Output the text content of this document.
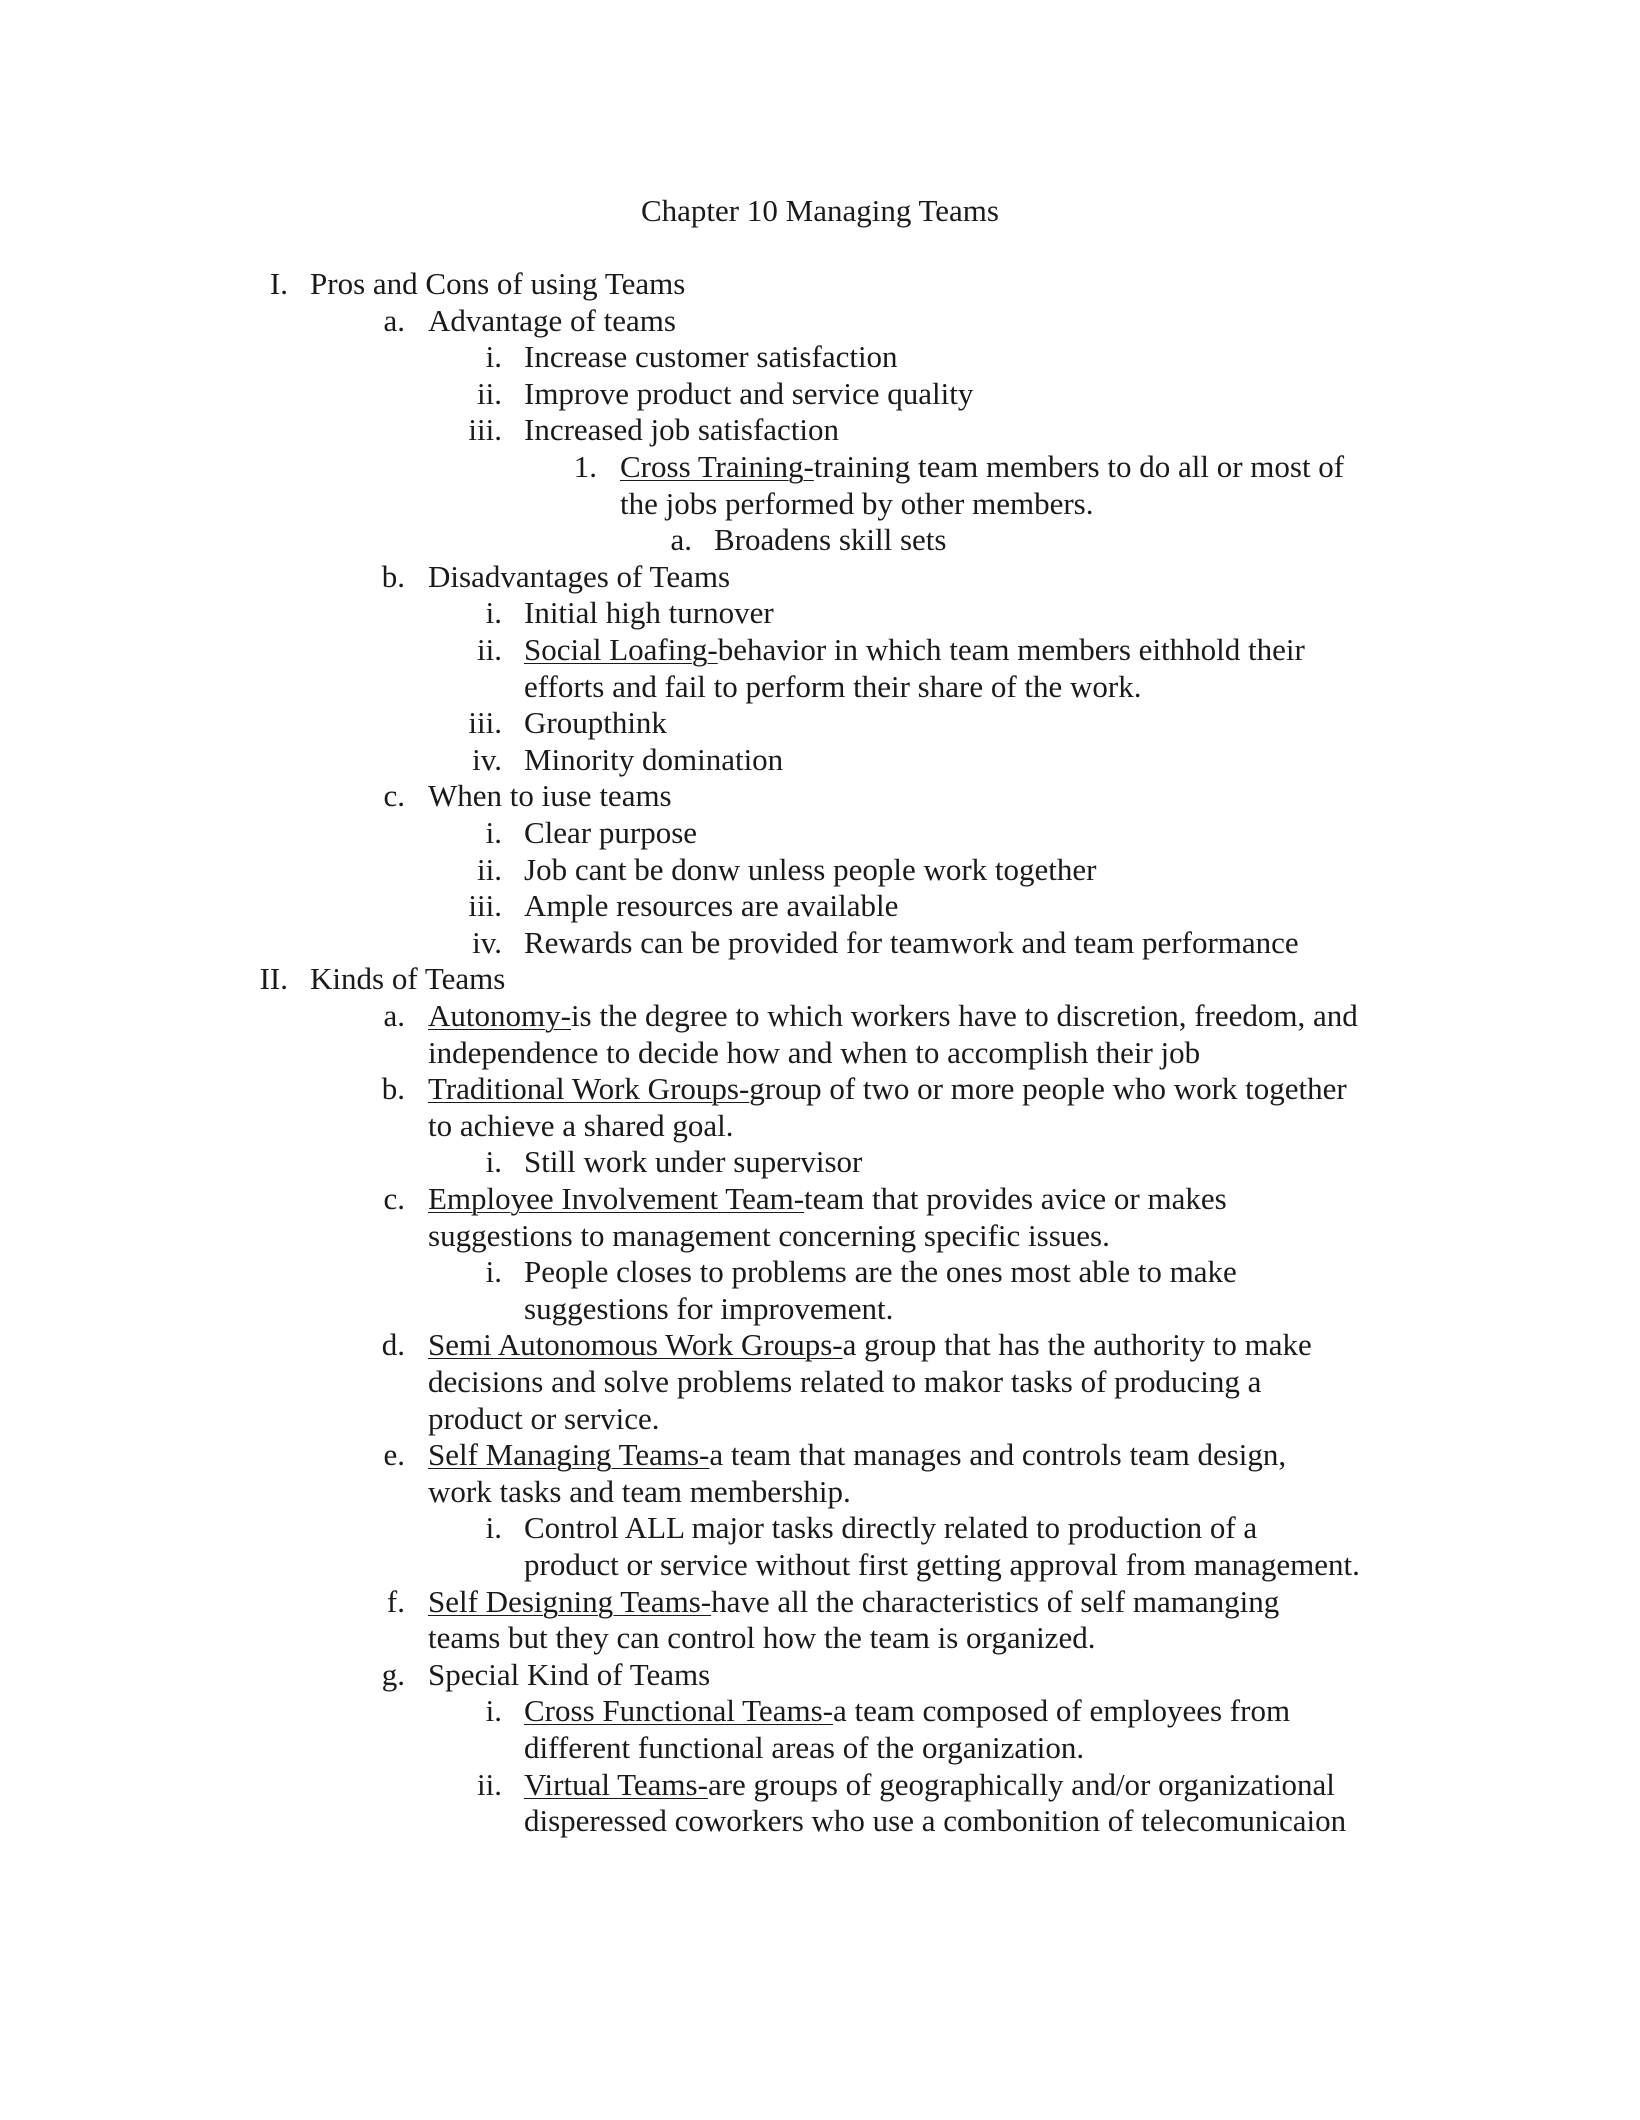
Chapter 10 Managing Teams
I. Pros and Cons of using Teams
a. Advantage of teams
i. Increase customer satisfaction
ii. Improve product and service quality
iii. Increased job satisfaction
1. Cross Training-training team members to do all or most of
the jobs performed by other members.
a. Broadens skill sets
b. Disadvantages of Teams
i. Initial high turnover
ii. Social Loafing-behavior in which team members eithhold their
efforts and fail to perform their share of the work.
iii. Groupthink
iv. Minority domination
c. When to iuse teams
i. Clear purpose
ii. Job cant be donw unless people work together
iii. Ample resources are available
iv. Rewards can be provided for teamwork and team performance
II. Kinds of Teams
a. Autonomy-is the degree to which workers have to discretion, freedom, and
independence to decide how and when to accomplish their job
b. Traditional Work Groups-group of two or more people who work together
to achieve a shared goal.
i. Still work under supervisor
c. Employee Involvement Team-team that provides avice or makes
suggestions to management concerning specific issues.
i. People closes to problems are the ones most able to make
suggestions for improvement.
d. Semi Autonomous Work Groups-a group that has the authority to make
decisions and solve problems related to makor tasks of producing a
product or service.
e. Self Managing Teams-a team that manages and controls team design,
work tasks and team membership.
i. Control ALL major tasks directly related to production of a
product or service without first getting approval from management.
f. Self Designing Teams-have all the characteristics of self mamanging
teams but they can control how the team is organized.
g. Special Kind of Teams
i. Cross Functional Teams-a team composed of employees from
different functional areas of the organization.
ii. Virtual Teams-are groups of geographically and/or organizational
disperessed coworkers who use a combonition of telecomunicaion
